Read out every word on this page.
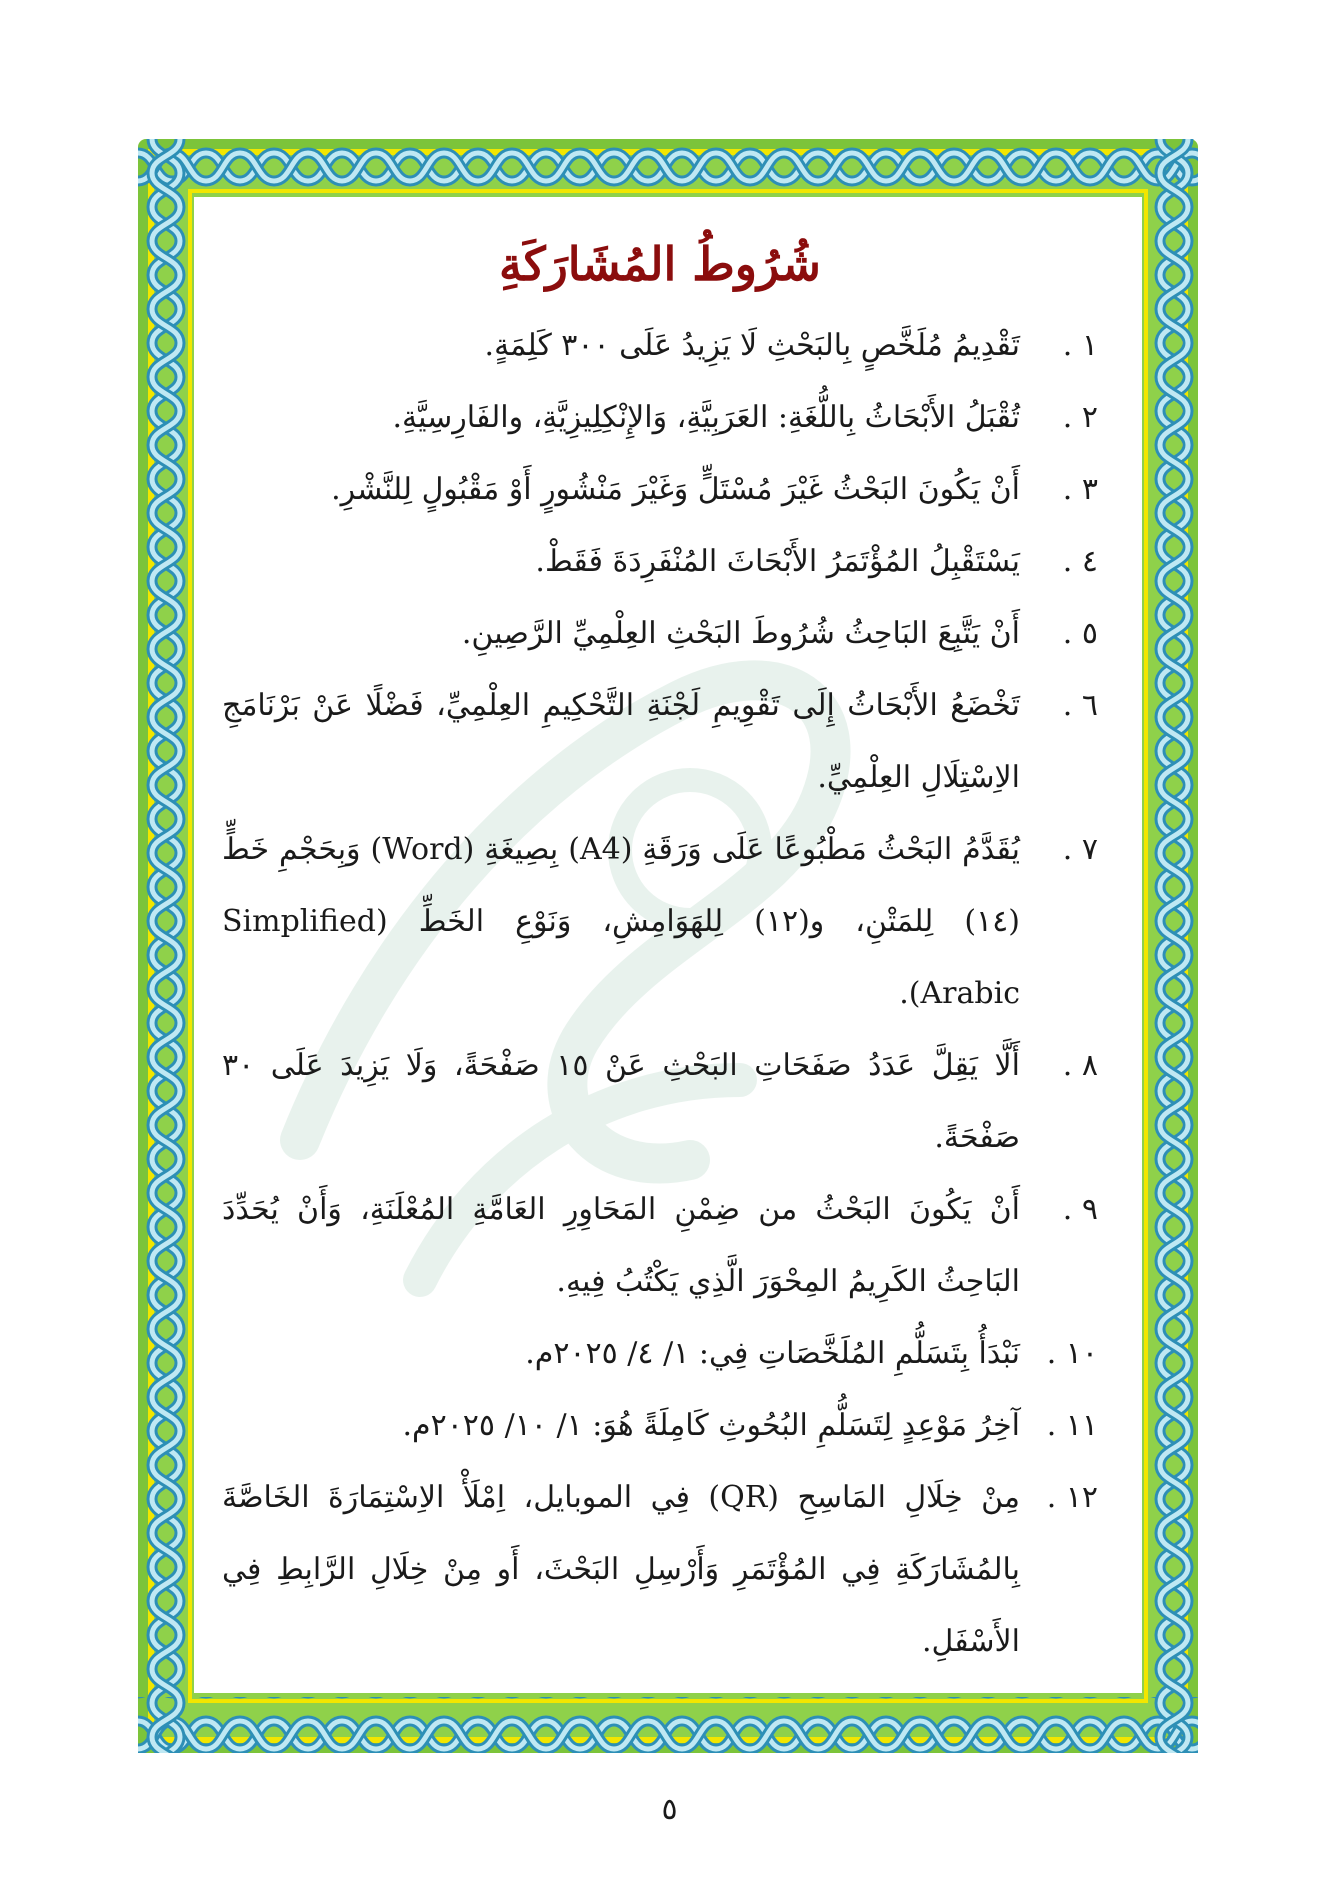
شُرُوطُ المُشَارَكَةِ
١ .
تَقْدِيمُ مُلَخَّصٍ بِالبَحْثِ لَا يَزِيدُ عَلَى ٣٠٠ كَلِمَةٍ.
٢ .
تُقْبَلُ الأَبْحَاثُ بِاللُّغَةِ: العَرَبِيَّةِ، وَالإِنْكِلِيزِيَّةِ، والفَارِسِيَّةِ.
٣ .
أَنْ يَكُونَ البَحْثُ غَيْرَ مُسْتَلٍّ وَغَيْرَ مَنْشُورٍ أَوْ مَقْبُولٍ لِلنَّشْرِ.
٤ .
يَسْتَقْبِلُ المُؤْتَمَرُ الأَبْحَاثَ المُنْفَرِدَةَ فَقَطْ.
٥ .
أَنْ يَتَّبِعَ البَاحِثُ شُرُوطَ البَحْثِ العِلْمِيِّ الرَّصِينِ.
٦ .
تَخْضَعُ الأَبْحَاثُ إِلَى تَقْوِيمِ لَجْنَةِ التَّحْكِيمِ العِلْمِيِّ، فَضْلًا عَنْ بَرْنَامَجِ الاِسْتِلَالِ العِلْمِيِّ.
٧ .
يُقَدَّمُ البَحْثُ مَطْبُوعًا عَلَى وَرَقَةِ (A4) بِصِيغَةِ (Word) وَبِحَجْمِ خَطٍّ (١٤) لِلمَتْنِ، و(١٢) لِلهَوَامِشِ، وَنَوْعِ الخَطِّ (Simplified Arabic).
٨ .
أَلَّا يَقِلَّ عَدَدُ صَفَحَاتِ البَحْثِ عَنْ ١٥ صَفْحَةً، وَلَا يَزِيدَ عَلَى ٣٠ صَفْحَةً.
٩ .
أَنْ يَكُونَ البَحْثُ من ضِمْنِ المَحَاوِرِ العَامَّةِ المُعْلَنَةِ، وَأَنْ يُحَدِّدَ البَاحِثُ الكَرِيمُ المِحْوَرَ الَّذِي يَكْتُبُ فِيهِ.
١٠ .
نَبْدَأُ بِتَسَلُّمِ المُلَخَّصَاتِ فِي: ١/ ٤/ ٢٠٢٥م.
١١ .
آخِرُ مَوْعِدٍ لِتَسَلُّمِ البُحُوثِ كَامِلَةً هُوَ: ١/ ١٠/ ٢٠٢٥م.
١٢ .
مِنْ خِلَالِ المَاسِحِ (QR) فِي الموبايل، اِمْلَأْ الاِسْتِمَارَةَ الخَاصَّةَ بِالمُشَارَكَةِ فِي المُؤْتَمَرِ وَأَرْسِلِ البَحْثَ، أَو مِنْ خِلَالِ الرَّابِطِ فِي الأَسْفَلِ.
٥
